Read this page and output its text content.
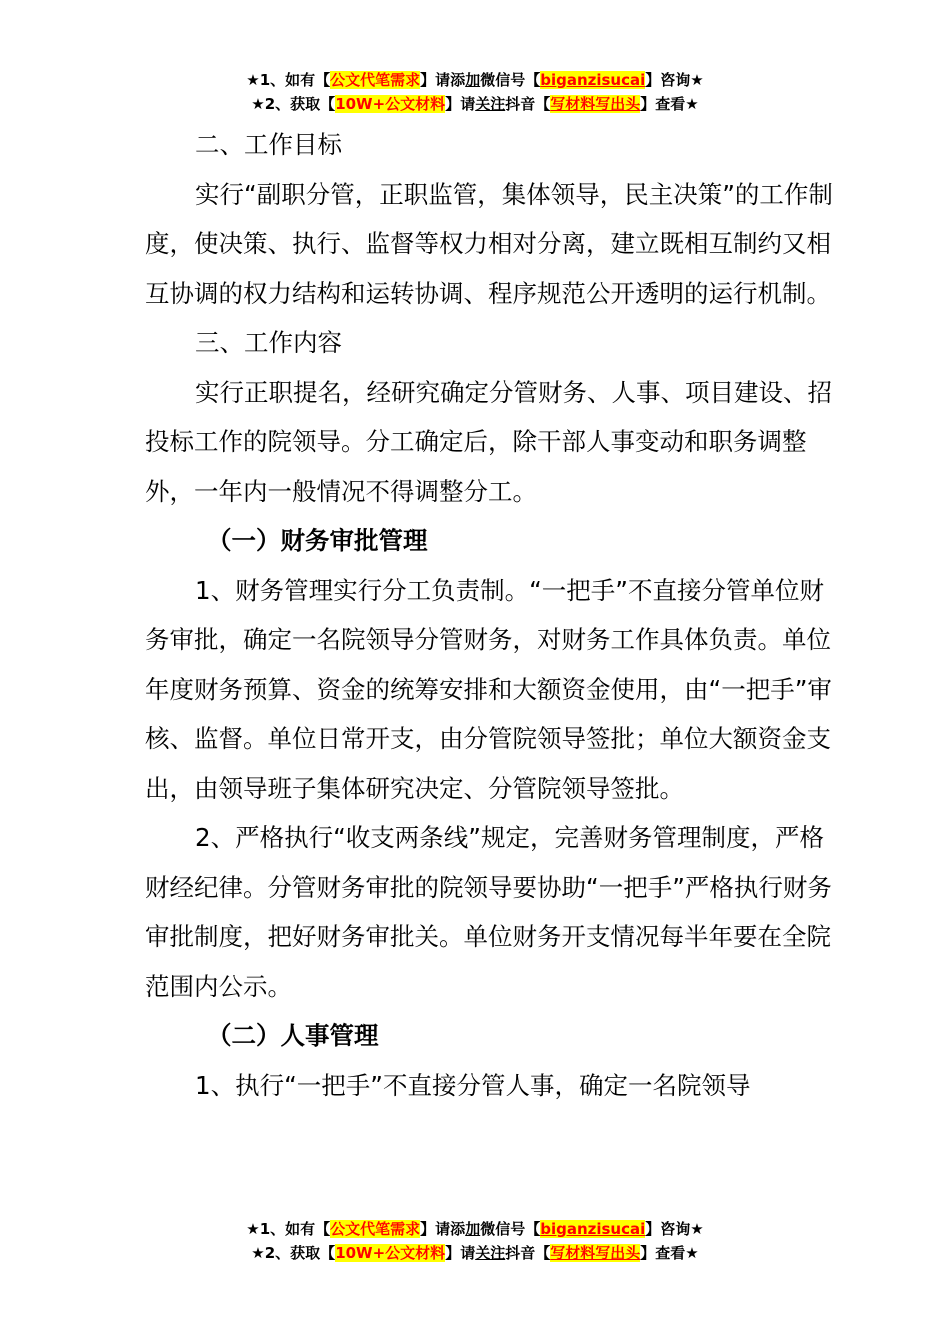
★1、如有【公文代笔需求】请添加微信号【biganzisucai】咨询★
★2、获取【10W+公文材料】请关注抖音【写材料写出头】查看★

二、工作目标

实行“副职分管，正职监管，集体领导，民主决策”的工作制度，使决策、执行、监督等权力相对分离，建立既相互制约又相互协调的权力结构和运转协调、程序规范公开透明的运行机制。

三、工作内容

实行正职提名，经研究确定分管财务、人事、项目建设、招投标工作的院领导。分工确定后，除干部人事变动和职务调整外，一年内一般情况不得调整分工。

（一）财务审批管理

1、财务管理实行分工负责制。“一把手”不直接分管单位财务审批，确定一名院领导分管财务，对财务工作具体负责。单位年度财务预算、资金的统筹安排和大额资金使用，由“一把手”审核、监督。单位日常开支，由分管院领导签批；单位大额资金支出，由领导班子集体研究决定、分管院领导签批。

2、严格执行“收支两条线”规定，完善财务管理制度，严格财经纪律。分管财务审批的院领导要协助“一把手”严格执行财务审批制度，把好财务审批关。单位财务开支情况每半年要在全院范围内公示。

（二）人事管理

1、执行“一把手”不直接分管人事，确定一名院领导

★1、如有【公文代笔需求】请添加微信号【biganzisucai】咨询★
★2、获取【10W+公文材料】请关注抖音【写材料写出头】查看★
